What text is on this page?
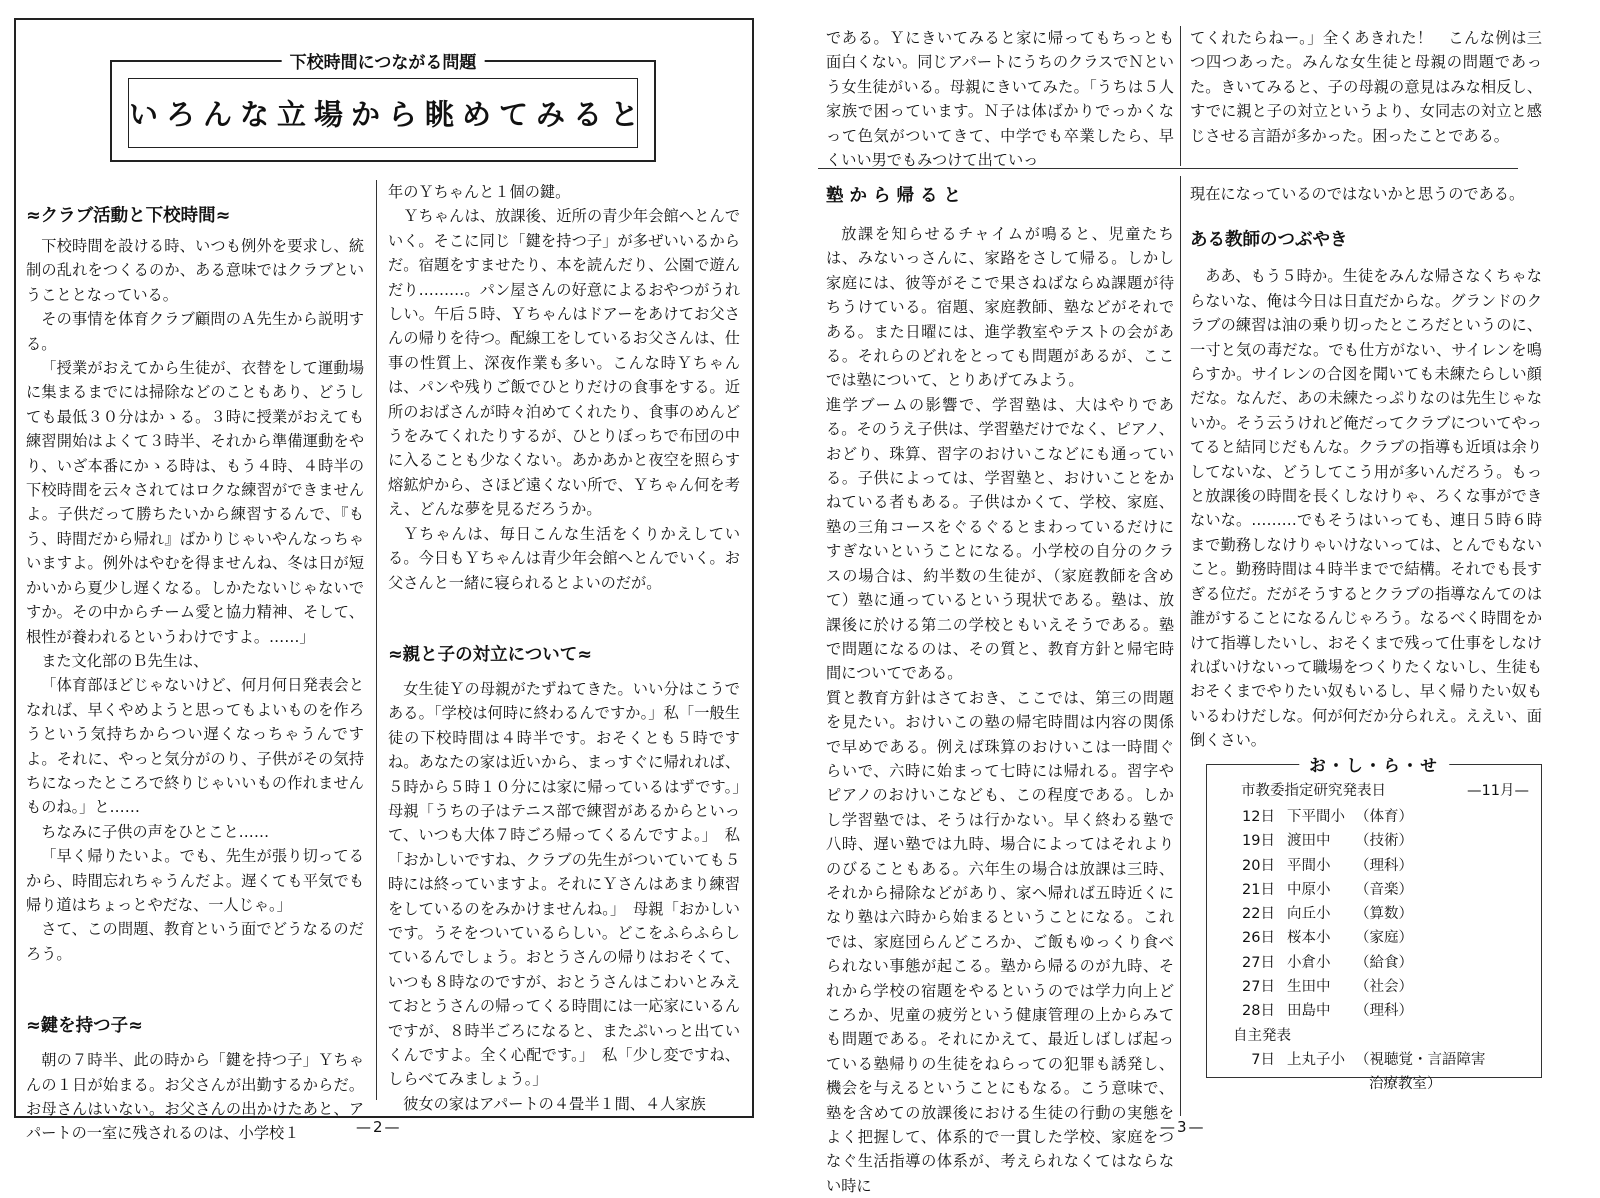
下校時間につながる問題
いろんな立場から眺めてみると

≈クラブ活動と下校時間≈

下校時間を設ける時、いつも例外を要求し、統制の乱れをつくるのか、ある意味ではクラブということとなっている。

その事情を体育クラブ顧問のＡ先生から説明する。

「授業がおえてから生徒が、衣替をして運動場に集まるまでには掃除などのこともあり、どうしても最低３０分はかゝる。３時に授業がおえても練習開始はよくて３時半、それから準備運動をやり、いざ本番にかゝる時は、もう４時、４時半の下校時間を云々されてはロクな練習ができませんよ。子供だって勝ちたいから練習するんで、『もう、時間だから帰れ』ばかりじゃいやんなっちゃいますよ。例外はやむを得ませんね、冬は日が短かいから夏少し遅くなる。しかたないじゃないですか。その中からチーム愛と協力精神、そして、根性が養われるというわけですよ。……」

また文化部のＢ先生は、

「体育部ほどじゃないけど、何月何日発表会となれば、早くやめようと思ってもよいものを作ろうという気持ちからつい遅くなっちゃうんですよ。それに、やっと気分がのり、子供がその気持ちになったところで終りじゃいいもの作れませんものね。」と……

ちなみに子供の声をひとこと……

「早く帰りたいよ。でも、先生が張り切ってるから、時間忘れちゃうんだよ。遅くても平気でも帰り道はちょっとやだな、一人じゃ。」

さて、この問題、教育という面でどうなるのだろう。

≈鍵を持つ子≈

朝の７時半、此の時から「鍵を持つ子」Ｙちゃんの１日が始まる。お父さんが出勤するからだ。お母さんはいない。お父さんの出かけたあと、アパートの一室に残されるのは、小学校１

年のＹちゃんと１個の鍵。

Ｙちゃんは、放課後、近所の青少年会館へとんでいく。そこに同じ「鍵を持つ子」が多ぜいいるからだ。宿題をすませたり、本を読んだり、公園で遊んだり………。パン屋さんの好意によるおやつがうれしい。午后５時、Ｙちゃんはドアーをあけてお父さんの帰りを待つ。配線工をしているお父さんは、仕事の性質上、深夜作業も多い。こんな時Ｙちゃんは、パンや残りご飯でひとりだけの食事をする。近所のおばさんが時々泊めてくれたり、食事のめんどうをみてくれたりするが、ひとりぼっちで布団の中に入ることも少なくない。あかあかと夜空を照らす熔鉱炉から、さほど遠くない所で、Ｙちゃん何を考え、どんな夢を見るだろうか。

Ｙちゃんは、毎日こんな生活をくりかえしている。今日もＹちゃんは青少年会館へとんでいく。お父さんと一緒に寝られるとよいのだが。

≈親と子の対立について≈

女生徒Ｙの母親がたずねてきた。いい分はこうである。「学校は何時に終わるんですか。」私「一般生徒の下校時間は４時半です。おそくとも５時ですね。あなたの家は近いから、まっすぐに帰れれば、５時から５時１０分には家に帰っているはずです。」　母親「うちの子はテニス部で練習があるからといって、いつも大体７時ごろ帰ってくるんですよ。」　私「おかしいですね、クラブの先生がついていても５時には終っていますよ。それにＹさんはあまり練習をしているのをみかけませんね。」　母親「おかしいです。うそをついているらしい。どこをふらふらしているんでしょう。おとうさんの帰りはおそくて、いつも８時なのですが、おとうさんはこわいとみえておとうさんの帰ってくる時間には一応家にいるんですが、８時半ごろになると、またぷいっと出ていくんですよ。全く心配です。」　私「少し変ですね、しらべてみましょう。」

彼女の家はアパートの４畳半１間、４人家族

—2—

である。Ｙにきいてみると家に帰ってもちっとも面白くない。同じアパートにうちのクラスでＮという女生徒がいる。母親にきいてみた。「うちは５人家族で困っています。Ｎ子は体ばかりでっかくなって色気がついてきて、中学でも卒業したら、早くいい男でもみつけて出ていっ

てくれたらねー。」全くあきれた！　こんな例は三つ四つあった。みんな女生徒と母親の問題であった。きいてみると、子の母親の意見はみな相反し、すでに親と子の対立というより、女同志の対立と感じさせる言語が多かった。困ったことである。

塾から帰ると

放課を知らせるチャイムが鳴ると、児童たちは、みないっさんに、家路をさして帰る。しかし家庭には、彼等がそこで果さねばならぬ課題が待ちうけている。宿題、家庭教師、塾などがそれである。また日曜には、進学教室やテストの会がある。それらのどれをとっても問題があるが、ここでは塾について、とりあげてみよう。

進学ブームの影響で、学習塾は、大はやりである。そのうえ子供は、学習塾だけでなく、ピアノ、おどり、珠算、習字のおけいこなどにも通っている。子供によっては、学習塾と、おけいことをかねている者もある。子供はかくて、学校、家庭、塾の三角コースをぐるぐるとまわっているだけにすぎないということになる。小学校の自分のクラスの場合は、約半数の生徒が、（家庭教師を含めて）塾に通っているという現状である。塾は、放課後に於ける第二の学校ともいえそうである。塾で問題になるのは、その質と、教育方針と帰宅時間についてである。

質と教育方針はさておき、ここでは、第三の問題を見たい。おけいこの塾の帰宅時間は内容の関係で早めである。例えば珠算のおけいこは一時間ぐらいで、六時に始まって七時には帰れる。習字やピアノのおけいこなども、この程度である。しかし学習塾では、そうは行かない。早く終わる塾で八時、遅い塾では九時、場合によってはそれよりのびることもある。六年生の場合は放課は三時、それから掃除などがあり、家へ帰れば五時近くになり塾は六時から始まるということになる。これでは、家庭団らんどころか、ご飯もゆっくり食べられない事態が起こる。塾から帰るのが九時、それから学校の宿題をやるというのでは学力向上どころか、児童の疲労という健康管理の上からみても問題である。それにかえて、最近しばしば起っている塾帰りの生徒をねらっての犯罪も誘発し、機会を与えるということにもなる。こう意味で、塾を含めての放課後における生徒の行動の実態をよく把握して、体系的で一貫した学校、家庭をつなぐ生活指導の体系が、考えられなくてはならない時に

現在になっているのではないかと思うのである。

ある教師のつぶやき

ああ、もう５時か。生徒をみんな帰さなくちゃならないな、俺は今日は日直だからな。グランドのクラブの練習は油の乗り切ったところだというのに、一寸と気の毒だな。でも仕方がない、サイレンを鳴らすか。サイレンの合図を聞いても未練たらしい顔だな。なんだ、あの未練たっぷりなのは先生じゃないか。そう云うけれど俺だってクラブについてやってると結同じだもんな。クラブの指導も近頃は余りしてないな、どうしてこう用が多いんだろう。もっと放課後の時間を長くしなけりゃ、ろくな事ができないな。………でもそうはいっても、連日５時６時まで勤務しなけりゃいけないっては、とんでもないこと。勤務時間は４時半までで結構。それでも長すぎる位だ。だがそうするとクラブの指導なんてのは誰がすることになるんじゃろう。なるべく時間をかけて指導したいし、おそくまで残って仕事をしなければいけないって職場をつくりたくないし、生徒もおそくまでやりたい奴もいるし、早く帰りたい奴もいるわけだしな。何が何だか分られえ。ええい、面倒くさい。

お・し・ら・せ
市教委指定研究発表日	—11月—
12日 下平間小 （体育）
19日 渡田中	（技術）
20日 平間小	（理科）
21日 中原小	（音楽）
22日 向丘小	（算数）
26日 桜本小	（家庭）
27日 小倉小	（給食）
27日 生田中	（社会）
28日 田島中	（理科）
自主発表
7日 上丸子小 （視聴覚・言語障害
治療教室）
—3—
